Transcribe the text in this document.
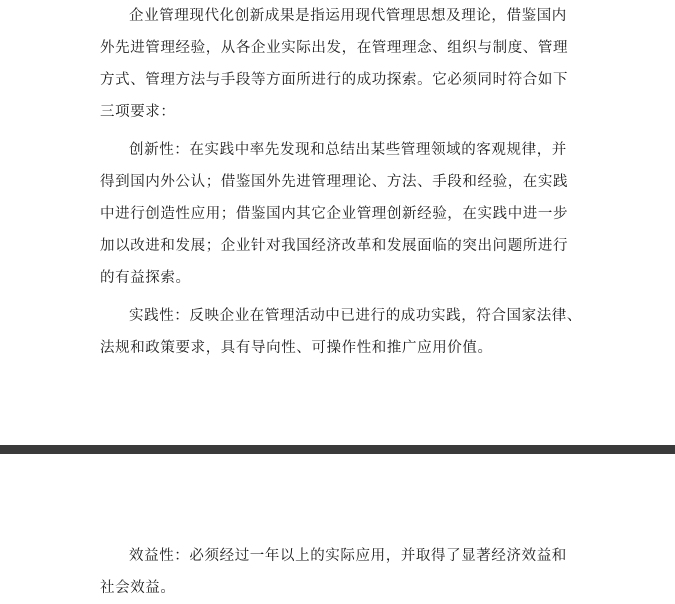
企业管理现代化创新成果是指运用现代管理思想及理论，借鉴国内
外先进管理经验，从各企业实际出发，在管理理念、组织与制度、管理
方式、管理方法与手段等方面所进行的成功探索。它必须同时符合如下
三项要求：
创新性：在实践中率先发现和总结出某些管理领域的客观规律，并
得到国内外公认；借鉴国外先进管理理论、方法、手段和经验，在实践
中进行创造性应用；借鉴国内其它企业管理创新经验，在实践中进一步
加以改进和发展；企业针对我国经济改革和发展面临的突出问题所进行
的有益探索。
实践性：反映企业在管理活动中已进行的成功实践，符合国家法律、
法规和政策要求，具有导向性、可操作性和推广应用价值。
效益性：必须经过一年以上的实际应用，并取得了显著经济效益和
社会效益。
